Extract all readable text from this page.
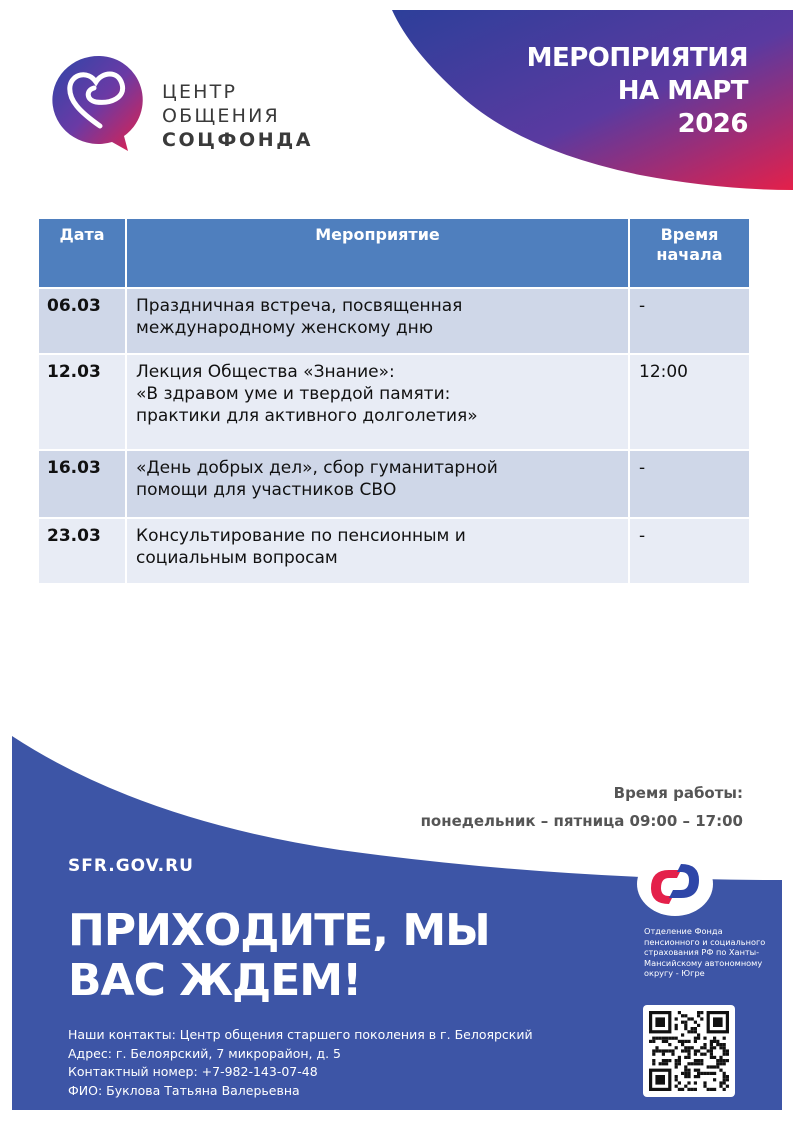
МЕРОПРИЯТИЯ
НА МАРТ
2026
ЦЕНТР
ОБЩЕНИЯ
СОЦФОНДА
Дата	Мероприятие	Время начала
06.03	Праздничная встреча, посвященная
международному женскому дню	-
12.03	Лекция Общества «Знание»:
«В здравом уме и твердой памяти:
практики для активного долголетия»	12:00
16.03	«День добрых дел», сбор гуманитарной
помощи для участников СВО	-
23.03	Консультирование по пенсионным и
социальным вопросам	-
Время работы:
понедельник – пятница 09:00 – 17:00
SFR.GOV.RU
ПРИХОДИТЕ, МЫ
ВАС ЖДЕМ!
Наши контакты: Центр общения старшего поколения в г. Белоярский
Адрес: г. Белоярский, 7 микрорайон, д. 5
Контактный номер: +7-982-143-07-48
ФИО: Буклова Татьяна Валерьевна
Отделение Фонда пенсионного и социального страхования РФ по Ханты-Мансийскому автономному округу - Югре
